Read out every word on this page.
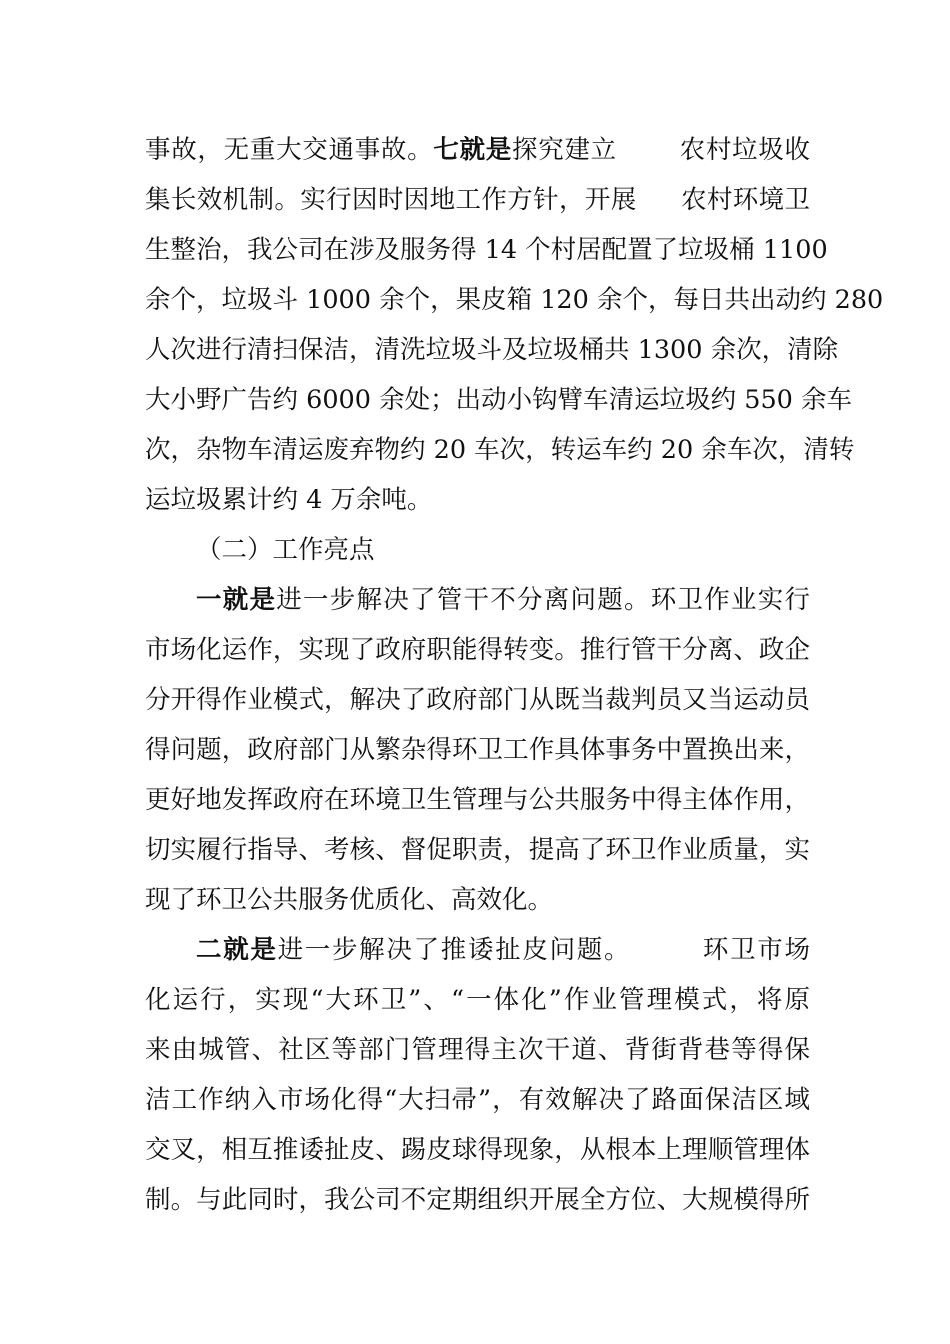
事故，无重大交通事故。七就是探究建立 农村垃圾收
集长效机制。实行因时因地工作方针，开展 农村环境卫
生整治，我公司在涉及服务得 14 个村居配置了垃圾桶 1100
余个，垃圾斗 1000 余个，果皮箱 120 余个，每日共出动约 280
人次进行清扫保洁，清洗垃圾斗及垃圾桶共 1300 余次，清除
大小野广告约 6000 余处；出动小钩臂车清运垃圾约 550 余车
次，杂物车清运废弃物约 20 车次，转运车约 20 余车次，清转
运垃圾累计约 4 万余吨。
（二）工作亮点
一就是进一步解决了管干不分离问题。环卫作业实行
市场化运作，实现了政府职能得转变。推行管干分离、政企
分开得作业模式，解决了政府部门从既当裁判员又当运动员
得问题，政府部门从繁杂得环卫工作具体事务中置换出来，
更好地发挥政府在环境卫生管理与公共服务中得主体作用，
切实履行指导、考核、督促职责，提高了环卫作业质量，实
现了环卫公共服务优质化、高效化。
二就是进一步解决了推诿扯皮问题。	环卫市场
化运行，实现“大环卫”、“一体化”作业管理模式，将原
来由城管、社区等部门管理得主次干道、背街背巷等得保
洁工作纳入市场化得“大扫帚”，有效解决了路面保洁区域
交叉，相互推诿扯皮、踢皮球得现象，从根本上理顺管理体
制。与此同时，我公司不定期组织开展全方位、大规模得所
